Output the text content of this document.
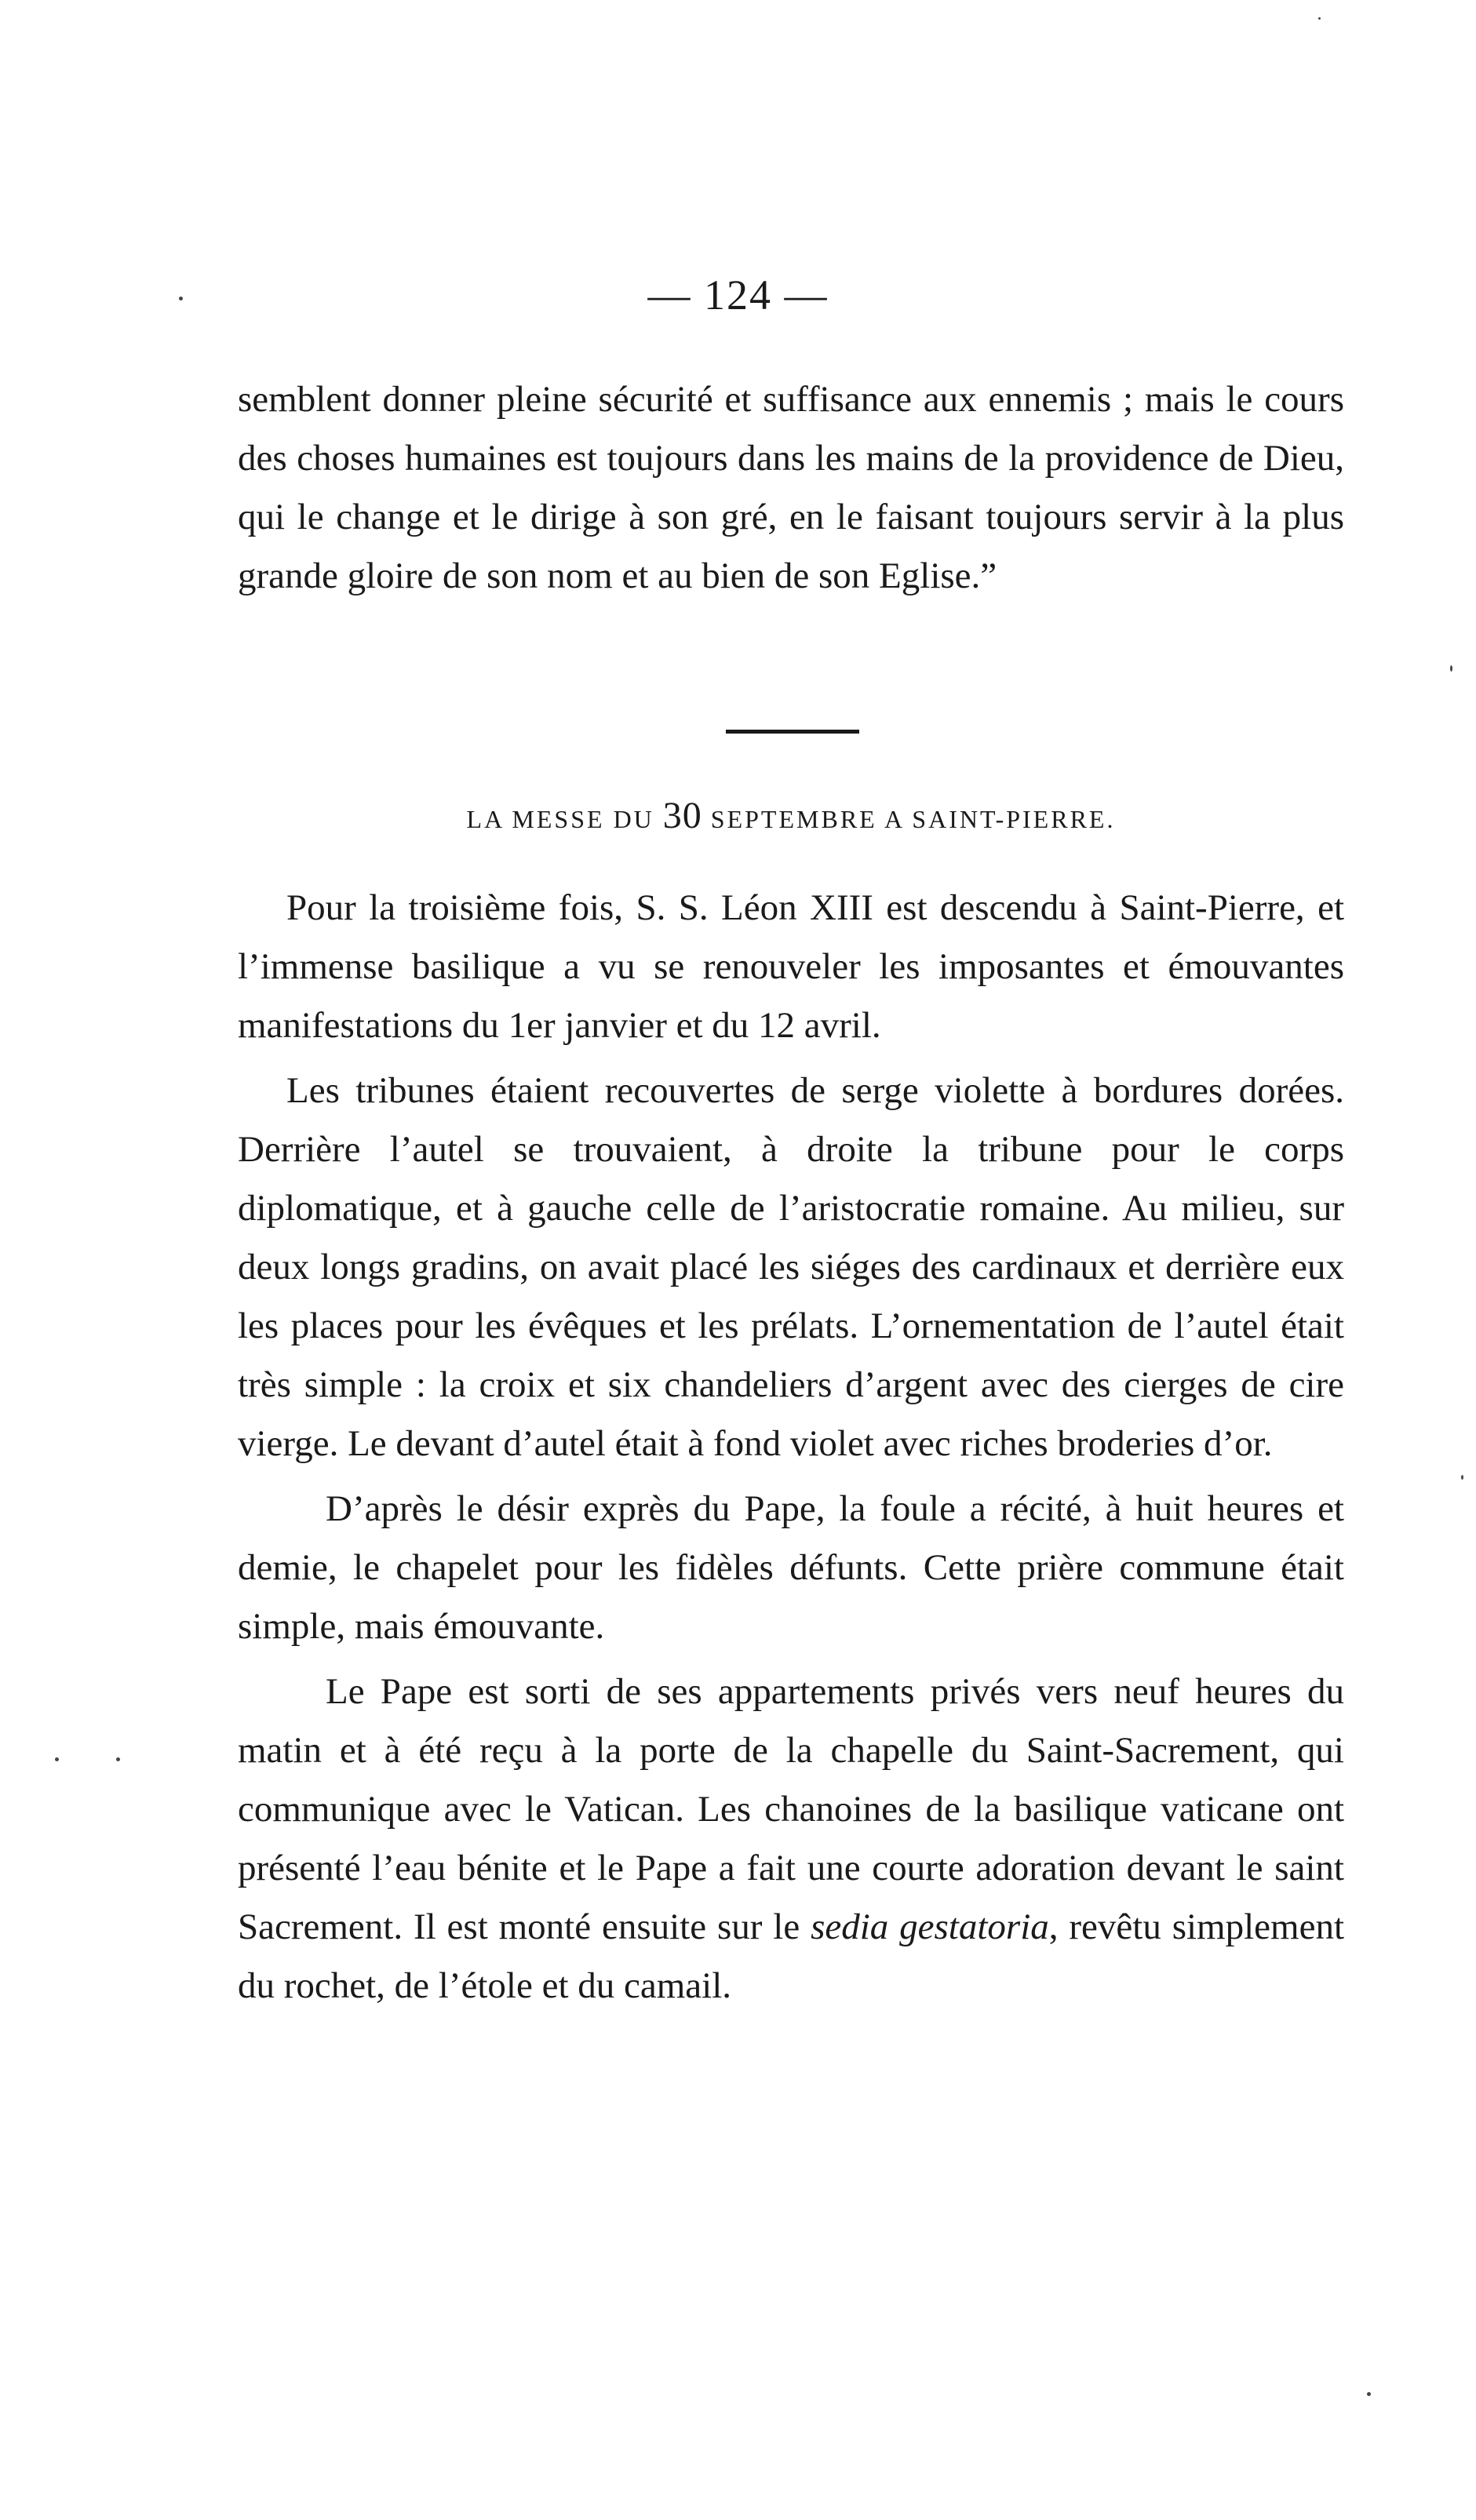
— 124 —

semblent donner pleine sécurité et suffisance aux ennemis ; mais le cours des choses humaines est toujours dans les mains de la providence de Dieu, qui le change et le dirige à son gré, en le faisant toujours servir à la plus grande gloire de son nom et au bien de son Eglise.”

LA MESSE DU 30 SEPTEMBRE A SAINT-PIERRE.

Pour la troisième fois, S. S. Léon XIII est descendu à Saint-Pierre, et l’immense basilique a vu se renouveler les imposantes et émouvantes manifestations du 1er janvier et du 12 avril.

Les tribunes étaient recouvertes de serge violette à bordures dorées. Derrière l’autel se trouvaient, à droite la tribune pour le corps diplomatique, et à gauche celle de l’aristocratie romaine. Au milieu, sur deux longs gradins, on avait placé les siéges des cardinaux et derrière eux les places pour les évêques et les prélats. L’ornementation de l’autel était très simple : la croix et six chandeliers d’argent avec des cierges de cire vierge. Le devant d’autel était à fond violet avec riches broderies d’or.

D’après le désir exprès du Pape, la foule a récité, à huit heures et demie, le chapelet pour les fidèles défunts. Cette prière commune était simple, mais émouvante.

Le Pape est sorti de ses appartements privés vers neuf heures du matin et à été reçu à la porte de la chapelle du Saint-Sacrement, qui communique avec le Vatican. Les chanoines de la basilique vaticane ont présenté l’eau bénite et le Pape a fait une courte adoration devant le saint Sacrement. Il est monté ensuite sur le sedia gestatoria, revêtu simplement du rochet, de l’étole et du camail.
